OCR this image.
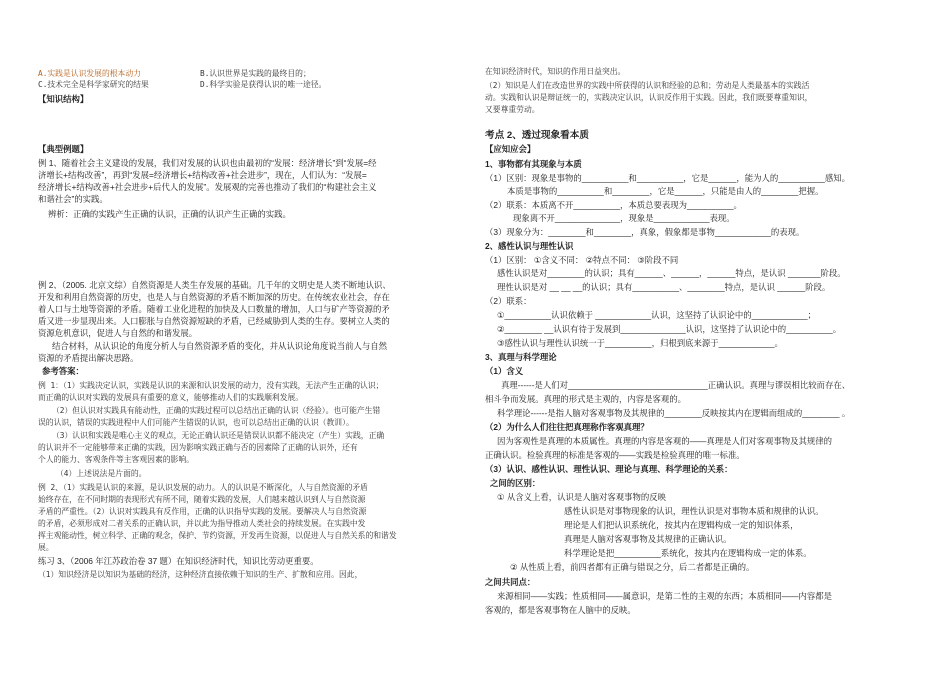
A.实践是认识发展的根本动力	B.认识世界是实践的最终目的；
C.技术完全是科学家研究的结果	D.科学实验是获得认识的唯一途径。
【知识结构】
【典型例题】
例 1、随着社会主义建设的发展，我们对发展的认识也由最初的“发展：经济增长”到“发展=经
济增长+结构改善”，再到“发展=经济增长+结构改善+社会进步”，现在，人们认为：“发展=
经济增长+结构改善+社会进步+后代人的发展”。发展观的完善也推动了我们的“构建社会主义
和谐社会”的实践。
辨析：正确的实践产生正确的认识，正确的认识产生正确的实践。
例 2、（2005. 北京文综）自然资源是人类生存发展的基础。几千年的文明史是人类不断地认识、
开发和利用自然资源的历史，也是人与自然资源的矛盾不断加深的历史。在传统农业社会，存在
着人口与土地等资源的矛盾。随着工业化进程的加快及人口数量的增加，人口与矿产等资源的矛
盾又进一步显现出来。人口膨胀与自然资源短缺的矛盾，已经威胁到人类的生存。要树立人类的
资源危机意识，促进人与自然的和谐发展。
结合材料，从认识论的角度分析人与自然资源矛盾的变化，并从认识论角度说当前人与自然
资源的矛盾提出解决思路。
参考答案：
例 1：（1）实践决定认识，实践是认识的来源和认识发展的动力，没有实践，无法产生正确的认识；
而正确的认识对实践的发展具有重要的意义，能够推动人们的实践顺利发展。
（2）但认识对实践具有能动性，正确的实践过程可以总结出正确的认识（经验）。也可能产生错
误的认识，错误的实践进程中人们可能产生错误的认识，也可以总结出正确的认识（教训）。
（3）认识和实践是唯心主义的观点，无论正确认识还是错误认识都不能决定（产生）实践，正确
的认识并不一定能够带来正确的实践，因为影响实践正确与否的因素除了正确的认识外，还有
个人的能力、客观条件等主客观因素的影响。
（4）上述说法是片面的。
例 2、（1）实践是认识的来源，是认识发展的动力。人的认识是不断深化，人与自然资源的矛盾
始终存在，在不同时期的表现形式有所不同，随着实践的发展，人们越来越认识到人与自然资源
矛盾的严重性。（2）认识对实践具有反作用，正确的认识指导实践的发展。要解决人与自然资源
的矛盾，必须形成对二者关系的正确认识，并以此为指导推动人类社会的持续发展。在实践中发
挥主观能动性，树立科学、正确的观念，保护、节约资源，开发再生资源，以促进人与自然关系的和谐发
展。
练习 3、（2006 年江苏政治卷 37 题）在知识经济时代，知识比劳动更重要。
（1）知识经济是以知识为基础的经济，这种经济直接依赖于知识的生产、扩散和应用。因此，
在知识经济时代，知识的作用日益突出。
（2）知识是人们在改造世界的实践中所获得的认识和经验的总和；劳动是人类最基本的实践活
动。实践和认识是辩证统一的，实践决定认识，认识反作用于实践。因此，我们既要尊重知识，
又要尊重劳动。
考点 2、透过现象看本质
【应知应会】
1、事物都有其现象与本质
（1）区别：现象是事物的__________和__________，它是______，能为人的__________感知。
本质是事物的__________和________，它是______，只能是由人的________把握。
（2）联系：本质离不开__________，本质总要表现为__________。
现象离不开______________，现象是____________表现。
（3）现象分为：________和________，真象，假象都是事物____________的表现。
2、感性认识与理性认识
（1）区别： ①含义不同： ②特点不同： ③阶段不同
感性认识是对________的认识；具有______、______，______特点，是认识 _______阶段。
理性认识是对 __ __ __的认识；具有__________、________特点，是认识 ______阶段。
（2）联系：
①__________认识依赖于 ____________认识，这坚持了认识论中的____________；
②________ __认识有待于发展到______________认识，这坚持了认识论中的__________。
③感性认识与理性认识统一于__________，归根到底来源于____________。
3、真理与科学理论
（1）含义
真理------是人们对______________________________正确认识。真理与谬误相比较而存在、
相斗争而发展。真理的形式是主观的，内容是客观的。
科学理论------是指人脑对客观事物及其规律的________反映按其内在逻辑而组成的________ 。
（2）为什么人们往往把真理称作客观真理？
因为客观性是真理的本质属性。真理的内容是客观的——真理是人们对客观事物及其规律的
正确认识。检验真理的标准是客观的——实践是检验真理的唯一标准。
（3）认识、感性认识、理性认识、理论与真理、科学理论的关系：
之间的区别：
① 从含义上看，认识是人脑对客观事物的反映
感性认识是对事物现象的认识，理性认识是对事物本质和规律的认识。
理论是人们把认识系统化，按其内在逻辑构成一定的知识体系，
真理是人脑对客观事物及其规律的正确认识。
科学理论是把__________系统化，按其内在逻辑构成一定的体系。
② 从性质上看，前四者都有正确与错误之分，后二者都是正确的。
之间共同点：
来源相同——实践；性质相同——属意识，是第二性的主观的东西；本质相同——内容都是
客观的，都是客观事物在人脑中的反映。
